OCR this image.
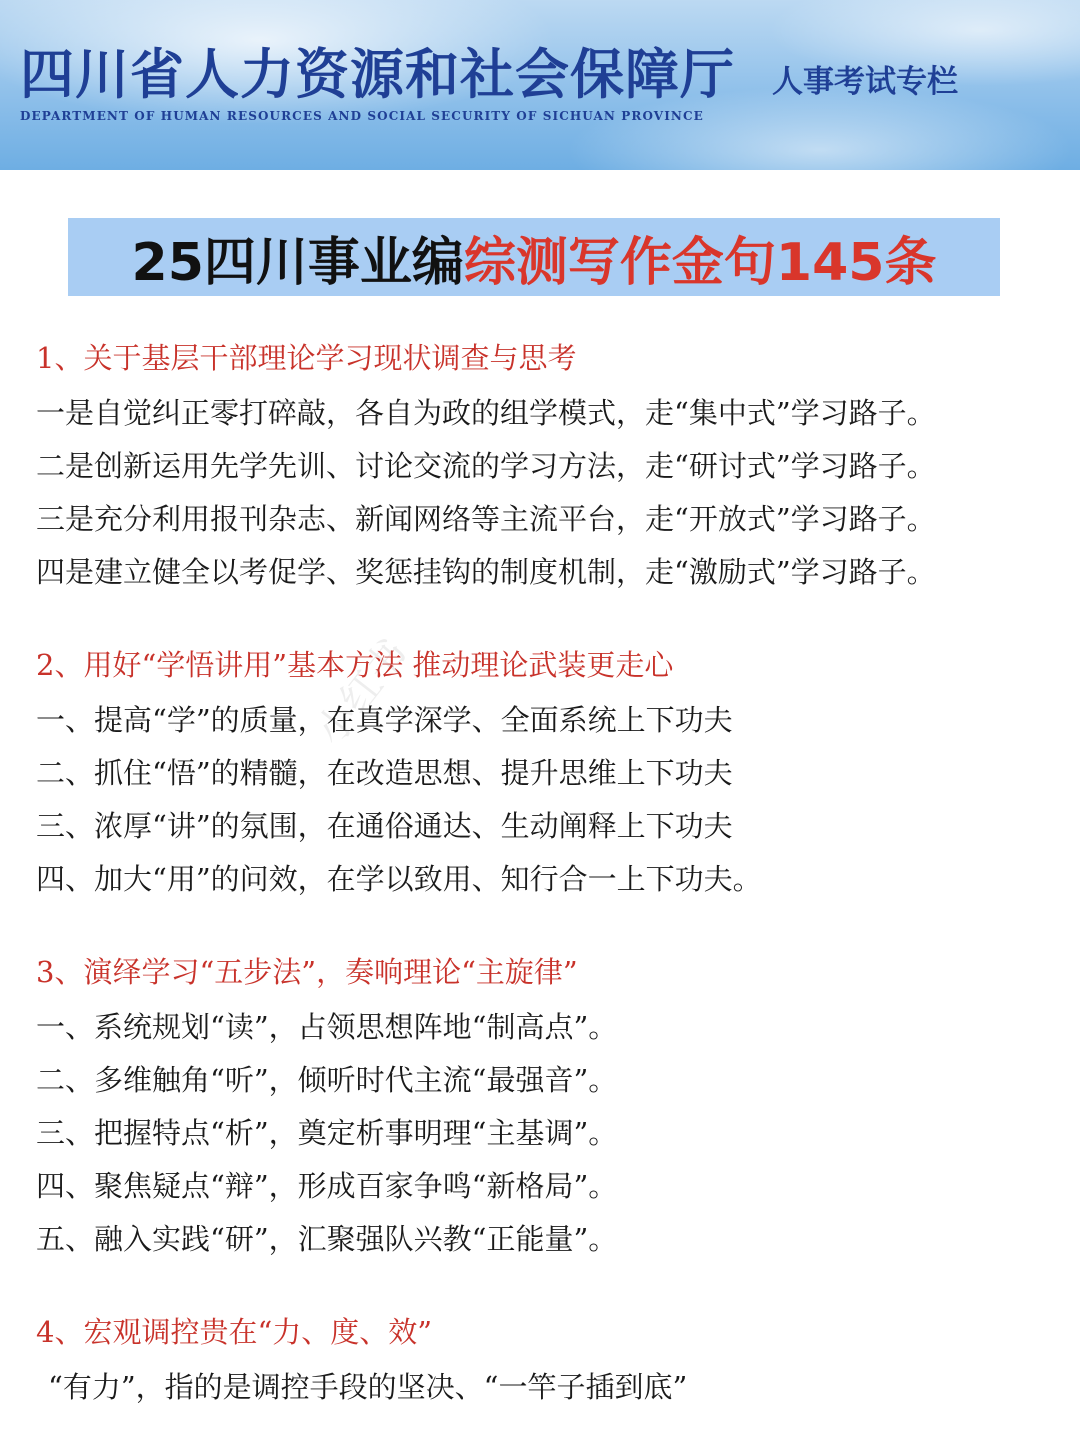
四川省人力资源和社会保障厅
DEPARTMENT OF HUMAN RESOURCES AND SOCIAL SECURITY OF SICHUAN PROVINCE
人事考试专栏
25四川事业编 综测写作金句145条
1、关于基层干部理论学习现状调查与思考
一是自觉纠正零打碎敲，各自为政的组学模式，走“集中式”学习路子。
二是创新运用先学先训、讨论交流的学习方法，走“研讨式”学习路子。
三是充分利用报刊杂志、新闻网络等主流平台，走“开放式”学习路子。
四是建立健全以考促学、奖惩挂钩的制度机制，走“激励式”学习路子。
2、用好“学悟讲用”基本方法 推动理论武装更走心
一、提高“学”的质量，在真学深学、全面系统上下功夫
二、抓住“悟”的精髓，在改造思想、提升思维上下功夫
三、浓厚“讲”的氛围，在通俗通达、生动阐释上下功夫
四、加大“用”的问效，在学以致用、知行合一上下功夫。
3、演绎学习“五步法”，奏响理论“主旋律”
一、系统规划“读”，占领思想阵地“制高点”。
二、多维触角“听”，倾听时代主流“最强音”。
三、把握特点“析”，奠定析事明理“主基调”。
四、聚焦疑点“辩”，形成百家争鸣“新格局”。
五、融入实践“研”，汇聚强队兴教“正能量”。
4、宏观调控贵在“力、度、效”
“有力”，指的是调控手段的坚决、“一竿子插到底”
小红书
